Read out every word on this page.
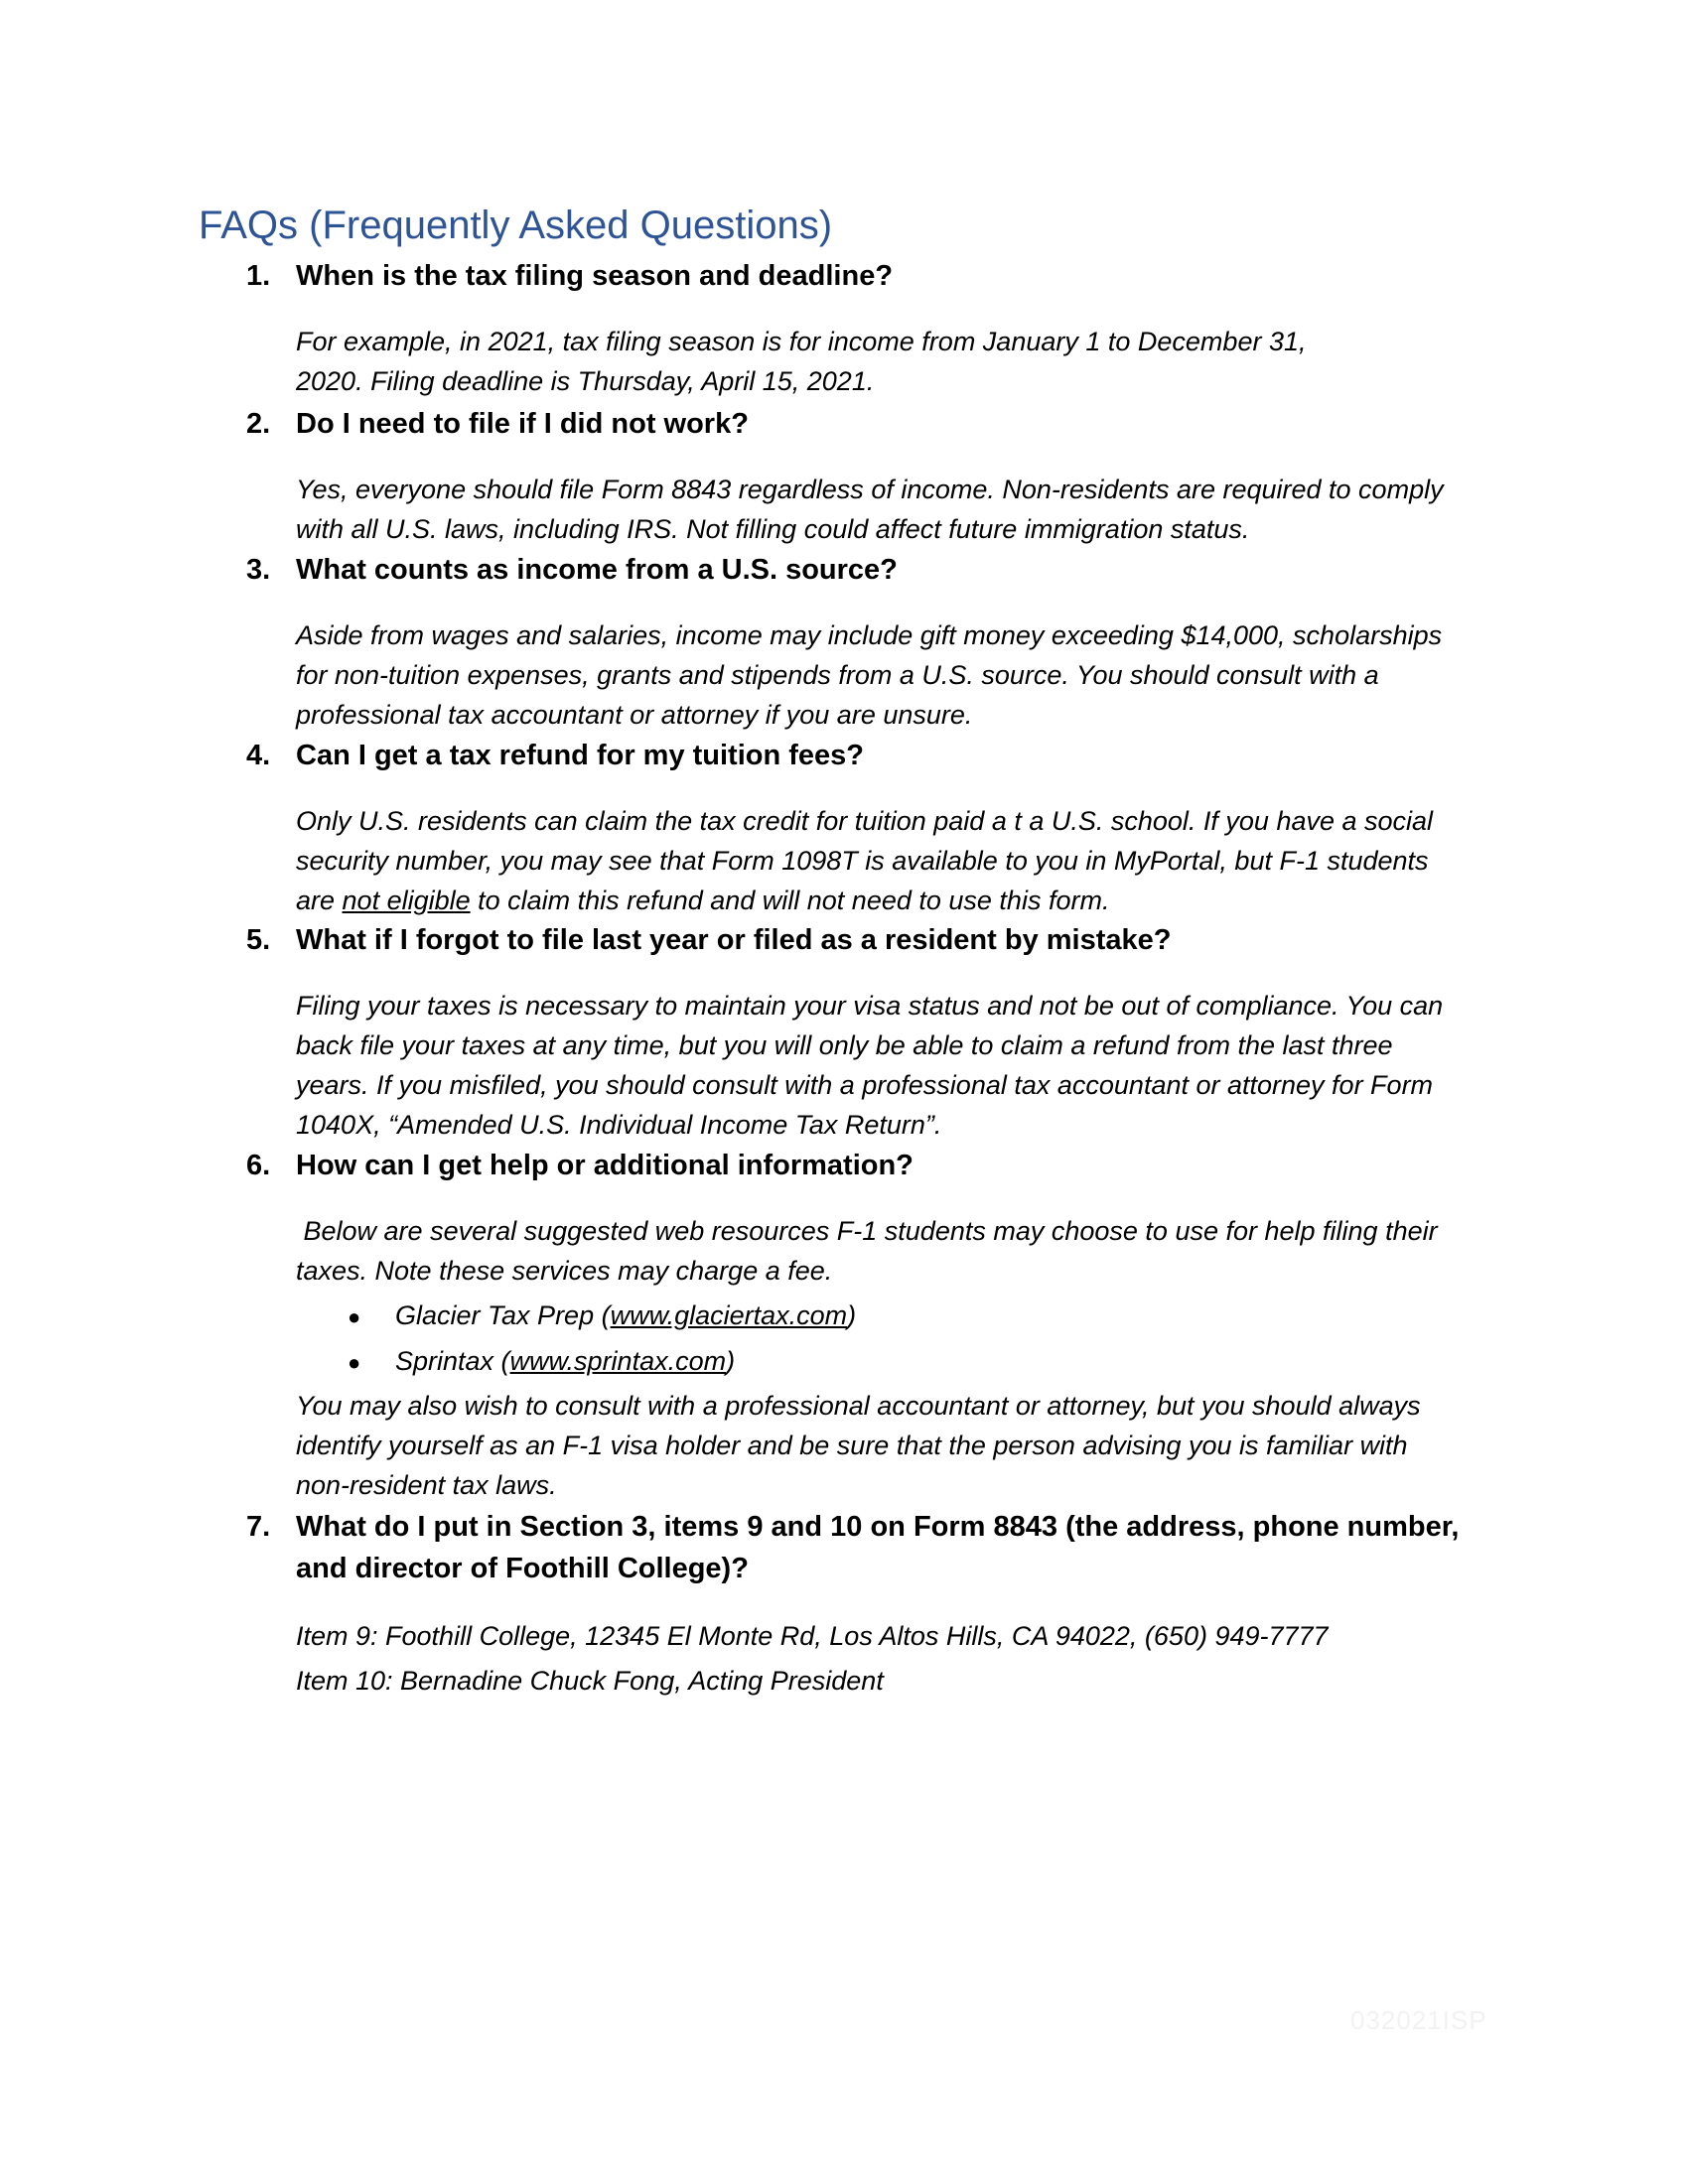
FAQs (Frequently Asked Questions)
1. When is the tax filing season and deadline?
For example, in 2021, tax filing season is for income from January 1 to December 31,
2020. Filing deadline is Thursday, April 15, 2021.
2. Do I need to file if I did not work?
Yes, everyone should file Form 8843 regardless of income. Non-residents are required to comply
with all U.S. laws, including IRS. Not filling could affect future immigration status.
3. What counts as income from a U.S. source?
Aside from wages and salaries, income may include gift money exceeding $14,000, scholarships
for non-tuition expenses, grants and stipends from a U.S. source. You should consult with a
professional tax accountant or attorney if you are unsure.
4. Can I get a tax refund for my tuition fees?
Only U.S. residents can claim the tax credit for tuition paid a t a U.S. school. If you have a social
security number, you may see that Form 1098T is available to you in MyPortal, but F-1 students
are not eligible to claim this refund and will not need to use this form.
5. What if I forgot to file last year or filed as a resident by mistake?
Filing your taxes is necessary to maintain your visa status and not be out of compliance. You can
back file your taxes at any time, but you will only be able to claim a refund from the last three
years. If you misfiled, you should consult with a professional tax accountant or attorney for Form
1040X, “Amended U.S. Individual Income Tax Return”.
6. How can I get help or additional information?
Below are several suggested web resources F-1 students may choose to use for help filing their
taxes. Note these services may charge a fee.
● Glacier Tax Prep (www.glaciertax.com)
● Sprintax (www.sprintax.com)
You may also wish to consult with a professional accountant or attorney, but you should always
identify yourself as an F-1 visa holder and be sure that the person advising you is familiar with
non-resident tax laws.
7. What do I put in Section 3, items 9 and 10 on Form 8843 (the address, phone number, and director of Foothill College)?
Item 9: Foothill College, 12345 El Monte Rd, Los Altos Hills, CA 94022, (650) 949-7777
Item 10: Bernadine Chuck Fong, Acting President
032021ISP
